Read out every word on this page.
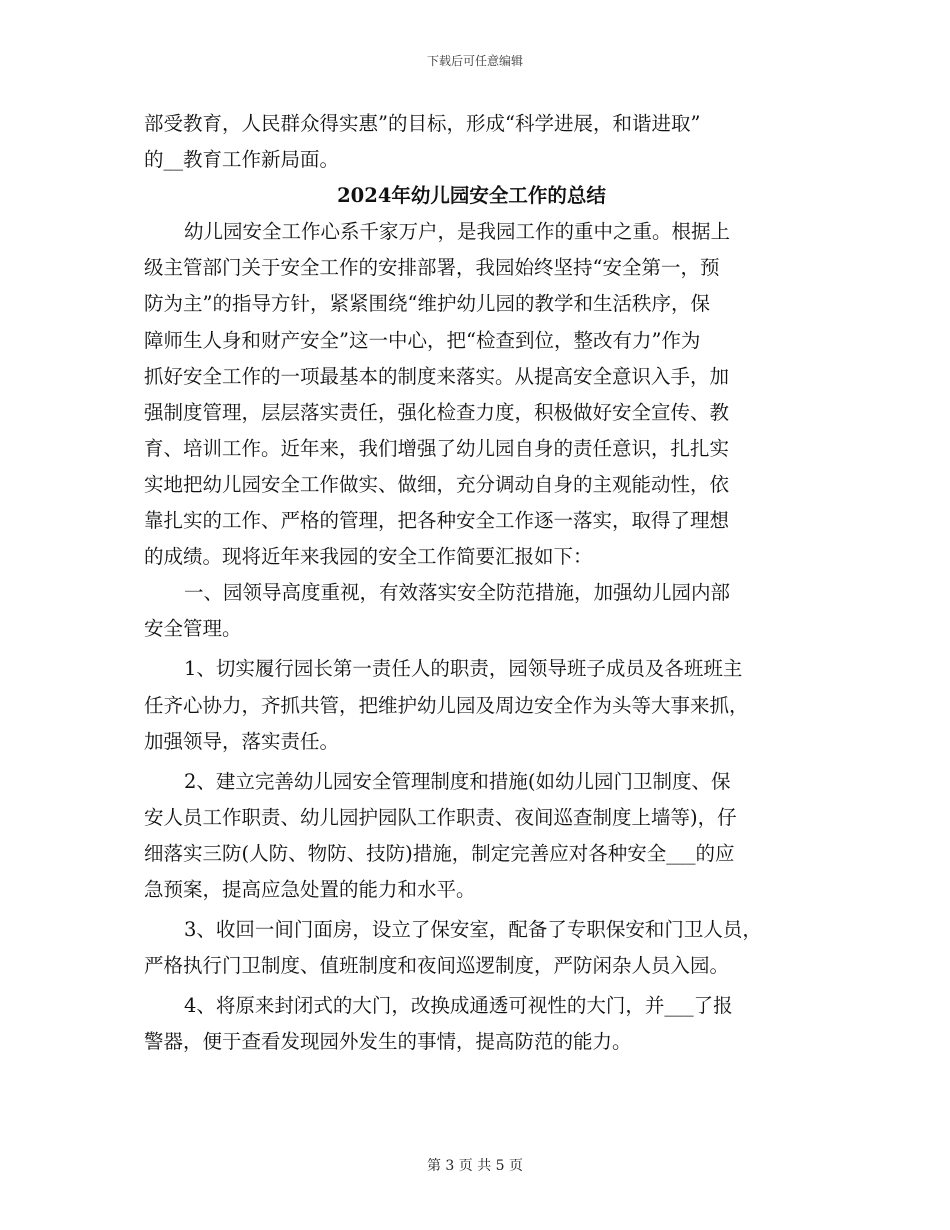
下载后可任意编辑

部受教育，人民群众得实惠”的目标，形成“科学进展，和谐进取”

的__教育工作新局面。

2024年幼儿园安全工作的总结

幼儿园安全工作心系千家万户，是我园工作的重中之重。根据上

级主管部门关于安全工作的安排部署，我园始终坚持“安全第一，预

防为主”的指导方针，紧紧围绕“维护幼儿园的教学和生活秩序，保

障师生人身和财产安全”这一中心，把“检查到位，整改有力”作为

抓好安全工作的一项最基本的制度来落实。从提高安全意识入手，加

强制度管理，层层落实责任，强化检查力度，积极做好安全宣传、教

育、培训工作。近年来，我们增强了幼儿园自身的责任意识，扎扎实

实地把幼儿园安全工作做实、做细，充分调动自身的主观能动性，依

靠扎实的工作、严格的管理，把各种安全工作逐一落实，取得了理想

的成绩。现将近年来我园的安全工作简要汇报如下：

一、园领导高度重视，有效落实安全防范措施，加强幼儿园内部

安全管理。

1、切实履行园长第一责任人的职责，园领导班子成员及各班班主

任齐心协力，齐抓共管，把维护幼儿园及周边安全作为头等大事来抓，

加强领导，落实责任。

2、建立完善幼儿园安全管理制度和措施(如幼儿园门卫制度、保

安人员工作职责、幼儿园护园队工作职责、夜间巡查制度上墙等)，仔

细落实三防(人防、物防、技防)措施，制定完善应对各种安全___的应

急预案，提高应急处置的能力和水平。

3、收回一间门面房，设立了保安室，配备了专职保安和门卫人员，

严格执行门卫制度、值班制度和夜间巡逻制度，严防闲杂人员入园。

4、将原来封闭式的大门，改换成通透可视性的大门，并___了报

警器，便于查看发现园外发生的事情，提高防范的能力。

第 3 页 共 5 页
